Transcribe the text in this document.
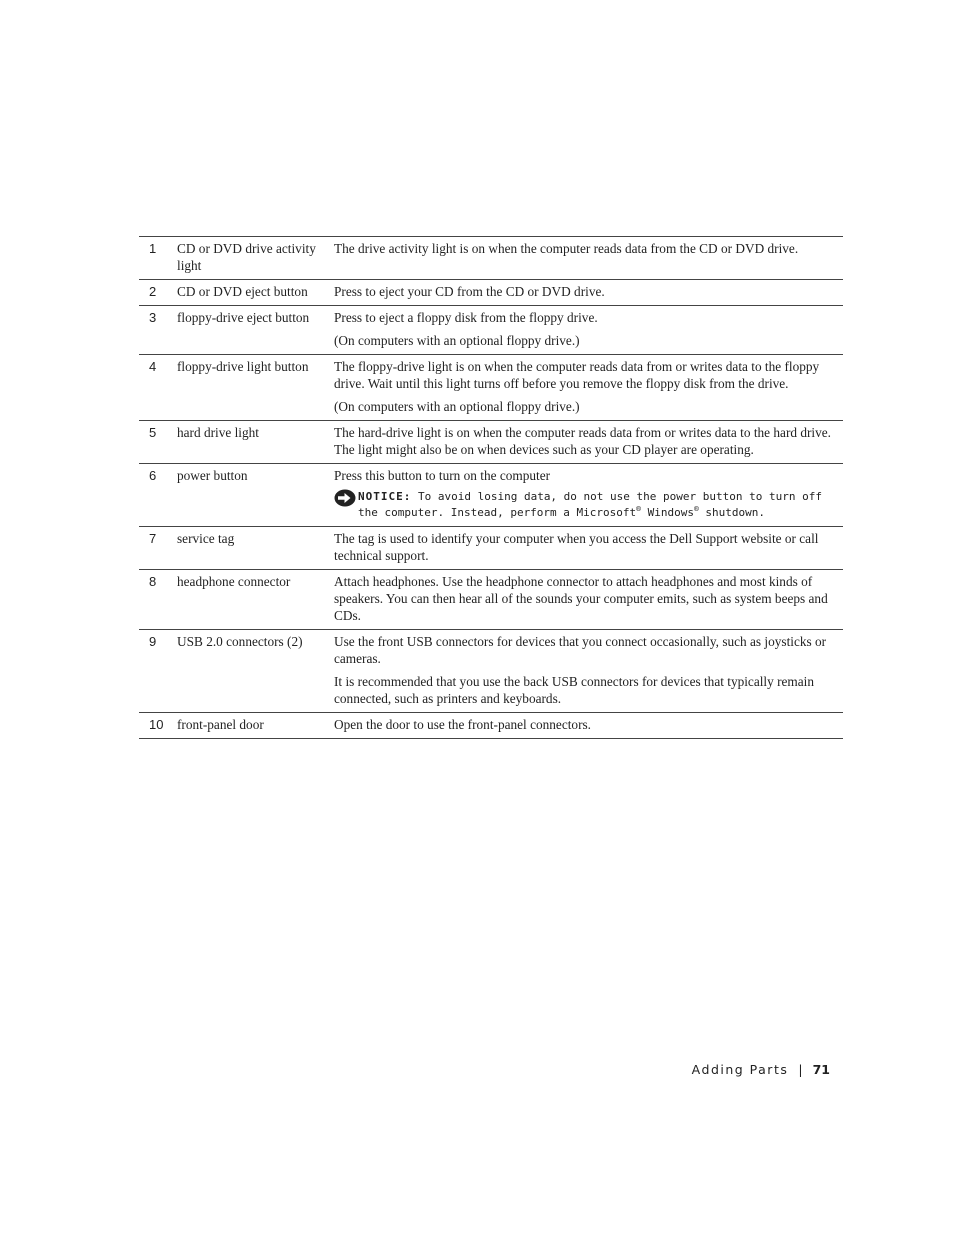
1	CD or DVD drive activity light	The drive activity light is on when the computer reads data from the CD or DVD drive.

2	CD or DVD eject button	Press to eject your CD from the CD or DVD drive.

3	floppy-drive eject button	Press to eject a floppy disk from the floppy drive.
(On computers with an optional floppy drive.)

4	floppy-drive light button	The floppy-drive light is on when the computer reads data from or writes data to the floppy drive. Wait until this light turns off before you remove the floppy disk from the drive.
(On computers with an optional floppy drive.)

5	hard drive light	The hard-drive light is on when the computer reads data from or writes data to the hard drive. The light might also be on when devices such as your CD player are operating.

6	power button	Press this button to turn on the computer
NOTICE: To avoid losing data, do not use the power button to turn off the computer. Instead, perform a Microsoft® Windows® shutdown.

7	service tag	The tag is used to identify your computer when you access the Dell Support website or call technical support.

8	headphone connector	Attach headphones. Use the headphone connector to attach headphones and most kinds of speakers. You can then hear all of the sounds your computer emits, such as system beeps and CDs.

9	USB 2.0 connectors (2)	Use the front USB connectors for devices that you connect occasionally, such as joysticks or cameras.
It is recommended that you use the back USB connectors for devices that typically remain connected, such as printers and keyboards.

10	front-panel door	Open the door to use the front-panel connectors.
Adding Parts | 71
